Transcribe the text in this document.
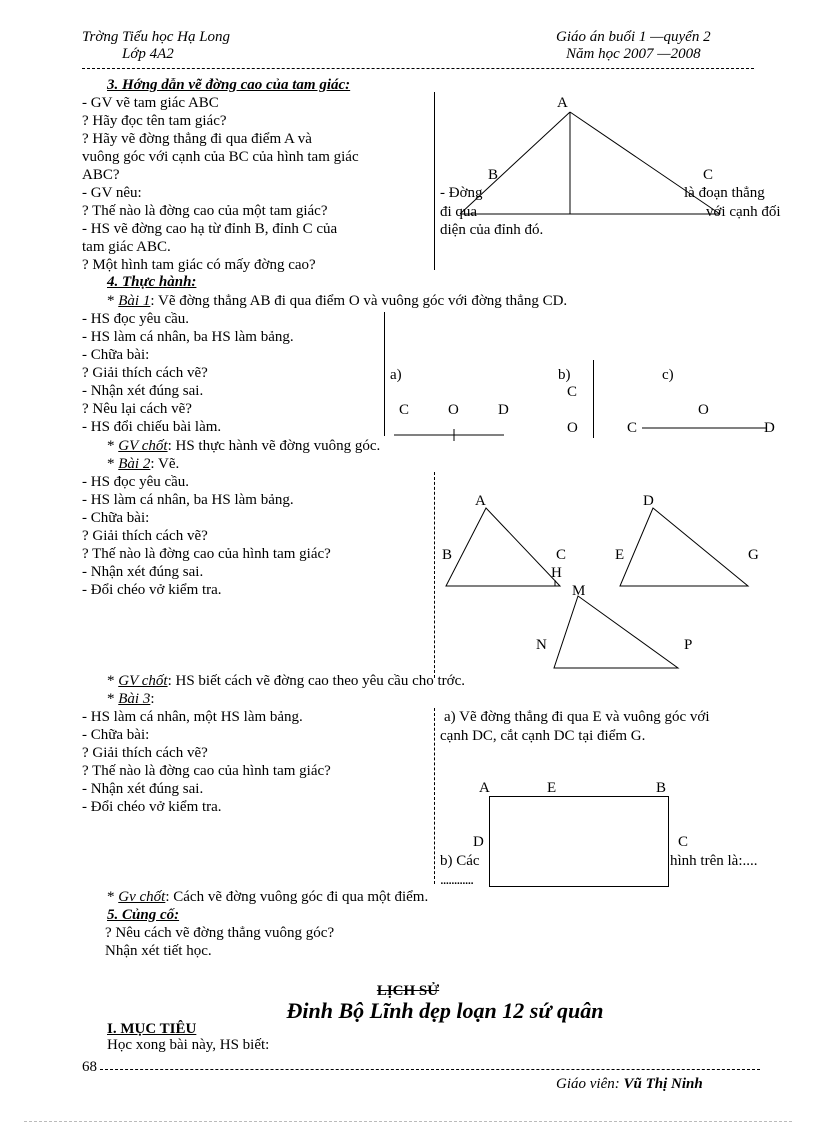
Trờng Tiểu học Hạ Long
Lớp 4A2
Giáo án buổi 1 —quyển 2
Năm học 2007 —2008
3. Hớng dẫn vẽ đờng cao của tam giác:
- GV vẽ tam giác ABC
? Hãy đọc tên tam giác?
? Hãy vẽ đờng thẳng đi qua điểm A và
vuông góc với cạnh của BC của hình tam giác
ABC?
- GV nêu:
? Thế nào là đờng cao của một tam giác?
- HS vẽ đờng cao hạ từ đỉnh B, đỉnh C của
tam giác ABC.
? Một hình tam giác có mấy đờng cao?
A
B	C
- Đờng	là đoạn thẳng
đi qua	với cạnh đối
diện của đỉnh đó.
4. Thực hành:
* Bài 1: Vẽ đờng thẳng AB đi qua điểm O và vuông góc với đờng thẳng CD.
- HS đọc yêu cầu.
- HS làm cá nhân, ba HS làm bảng.
- Chữa bài:
? Giải thích cách vẽ?
- Nhận xét đúng sai.
? Nêu lại cách vẽ?
- HS đổi chiếu bài làm.
a)	b)	c)
C	O	D
C
O
O
C	D
* GV chốt: HS thực hành vẽ đờng vuông góc.
* Bài 2: Vẽ.
- HS đọc yêu cầu.
- HS làm cá nhân, ba HS làm bảng.
- Chữa bài:
? Giải thích cách vẽ?
? Thế nào là đờng cao của hình tam giác?
- Nhận xét đúng sai.
- Đổi chéo vở kiểm tra.
A
B	C
H
D
E	G
M
N	P
* GV chốt: HS biết cách vẽ đờng cao theo yêu cầu cho trớc.
* Bài 3:
- HS làm cá nhân, một HS làm bảng.
- Chữa bài:
? Giải thích cách vẽ?
? Thế nào là đờng cao của hình tam giác?
- Nhận xét đúng sai.
- Đổi chéo vở kiểm tra.
a) Vẽ đờng thẳng đi qua E và vuông góc với
cạnh DC, cắt cạnh DC tại điểm G.
A	E	B
D	C
b) Các	hình trên là:....
............
* Gv chốt: Cách vẽ đờng vuông góc đi qua một điểm.
5. Củng cố:
? Nêu cách vẽ đờng thẳng vuông góc?
Nhận xét tiết học.
LỊCH SỬ
Đinh Bộ Lĩnh dẹp loạn 12 sứ quân
I. MỤC TIÊU
Học xong bài này, HS biết:
68
Giáo viên: Vũ Thị Ninh
